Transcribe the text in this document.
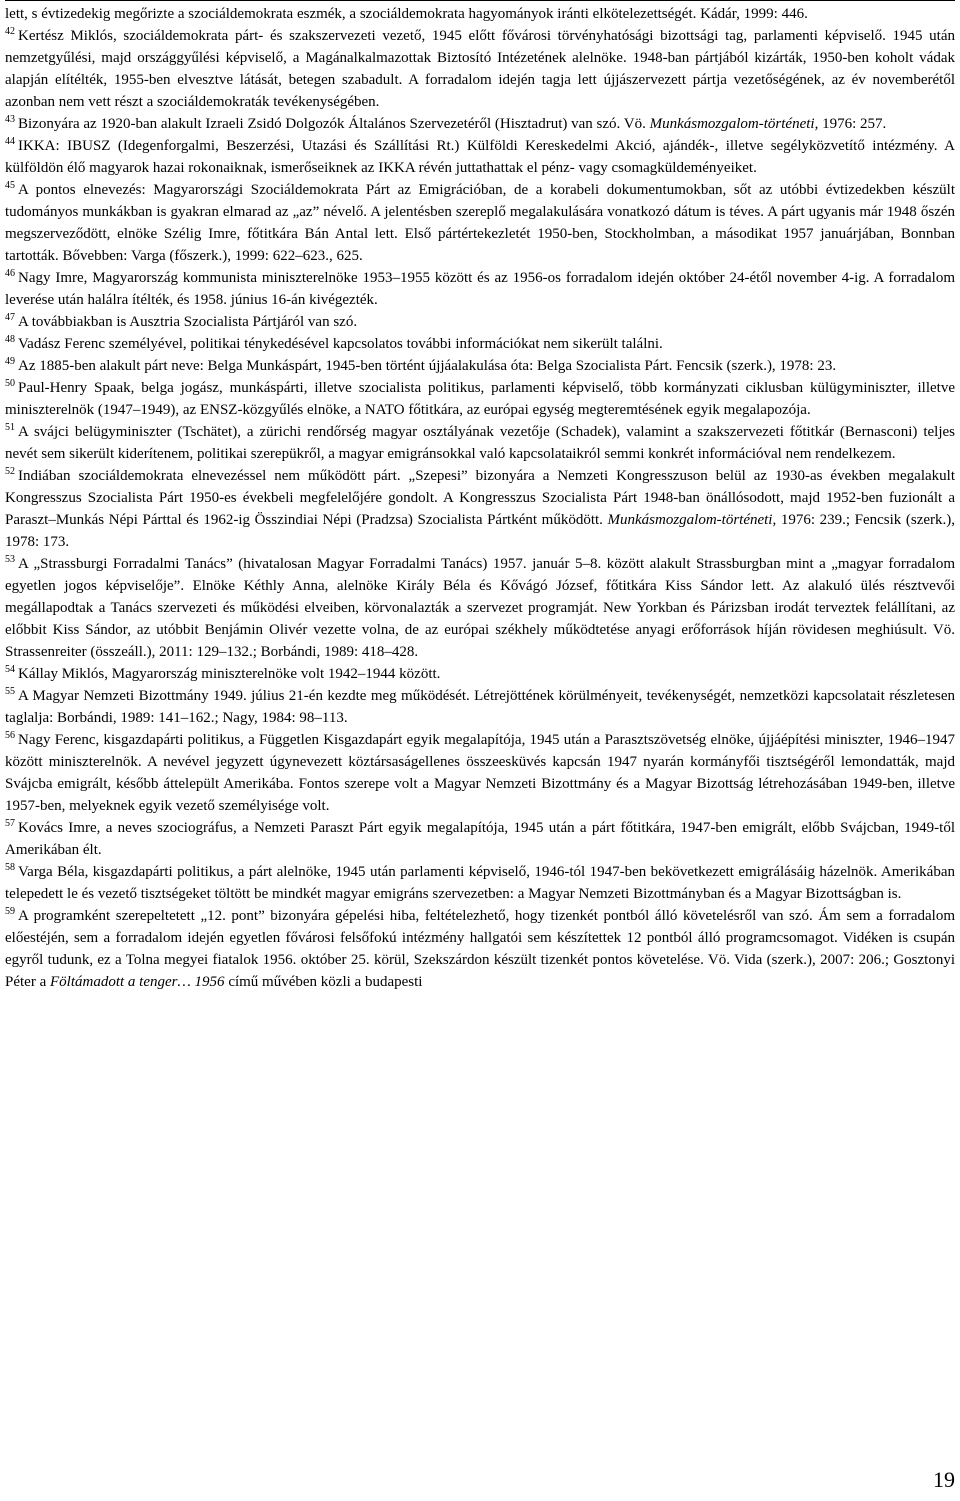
lett, s évtizedekig megőrizte a szociáldemokrata eszmék, a szociáldemokrata hagyományok iránti elkötelezettségét. Kádár, 1999: 446.

$^{42}$ Kertész Miklós, szociáldemokrata párt- és szakszervezeti vezető, 1945 előtt fővárosi törvényhatósági bizottsági tag, parlamenti képviselő. 1945 után nemzetgyűlési, majd országgyűlési képviselő, a Magánalkalmazottak Biztosító Intézetének alelnöke. 1948-ban pártjából kizárták, 1950-ben koholt vádak alapján elítélték, 1955-ben elvesztve látását, betegen szabadult. A forradalom idején tagja lett újjászervezett pártja vezetőségének, az év novemberétől azonban nem vett részt a szociáldemokraták tevékenységében.

$^{43}$ Bizonyára az 1920-ban alakult Izraeli Zsidó Dolgozók Általános Szervezetéről (Hisztadrut) van szó. Vö. Munkásmozgalom-történeti, 1976: 257.

$^{44}$ IKKA: IBUSZ (Idegenforgalmi, Beszerzési, Utazási és Szállítási Rt.) Külföldi Kereskedelmi Akció, ajándék-, illetve segélyközvetítő intézmény. A külföldön élő magyarok hazai rokonaiknak, ismerőseiknek az IKKA révén juttathattak el pénz- vagy csomagküldeményeiket.

$^{45}$ A pontos elnevezés: Magyarországi Szociáldemokrata Párt az Emigrációban, de a korabeli dokumentumokban, sőt az utóbbi évtizedekben készült tudományos munkákban is gyakran elmarad az „az” névelő. A jelentésben szereplő megalakulására vonatkozó dátum is téves. A párt ugyanis már 1948 őszén megszerveződött, elnöke Szélig Imre, főtitkára Bán Antal lett. Első pártértekezletét 1950-ben, Stockholmban, a másodikat 1957 januárjában, Bonnban tartották. Bővebben: Varga (főszerk.), 1999: 622–623., 625.

$^{46}$ Nagy Imre, Magyarország kommunista miniszterelnöke 1953–1955 között és az 1956-os forradalom idején október 24-étől november 4-ig. A forradalom leverése után halálra ítélték, és 1958. június 16-án kivégezték.

$^{47}$ A továbbiakban is Ausztria Szocialista Pártjáról van szó.

$^{48}$ Vadász Ferenc személyével, politikai ténykedésével kapcsolatos további információkat nem sikerült találni.

$^{49}$ Az 1885-ben alakult párt neve: Belga Munkáspárt, 1945-ben történt újjáalakulása óta: Belga Szocialista Párt. Fencsik (szerk.), 1978: 23.

$^{50}$ Paul-Henry Spaak, belga jogász, munkáspárti, illetve szocialista politikus, parlamenti képviselő, több kormányzati ciklusban külügyminiszter, illetve miniszterelnök (1947–1949), az ENSZ-közgyűlés elnöke, a NATO főtitkára, az európai egység megteremtésének egyik megalapozója.

$^{51}$ A svájci belügyminiszter (Tschätet), a zürichi rendőrség magyar osztályának vezetője (Schadek), valamint a szakszervezeti főtitkár (Bernasconi) teljes nevét sem sikerült kiderítenem, politikai szerepükről, a magyar emigránsokkal való kapcsolataikról semmi konkrét információval nem rendelkezem.

$^{52}$ Indiában szociáldemokrata elnevezéssel nem működött párt. „Szepesi” bizonyára a Nemzeti Kongresszuson belül az 1930-as években megalakult Kongresszus Szocialista Párt 1950-es évekbeli megfelelőjére gondolt. A Kongresszus Szocialista Párt 1948-ban önállósodott, majd 1952-ben fuzionált a Paraszt–Munkás Népi Párttal és 1962-ig Összindiai Népi (Pradzsa) Szocialista Pártként működött. Munkásmozgalom-történeti, 1976: 239.; Fencsik (szerk.), 1978: 173.

$^{53}$ A „Strassburgi Forradalmi Tanács” (hivatalosan Magyar Forradalmi Tanács) 1957. január 5–8. között alakult Strassburgban mint a „magyar forradalom egyetlen jogos képviselője”. Elnöke Kéthly Anna, alelnöke Király Béla és Kővágó József, főtitkára Kiss Sándor lett. Az alakuló ülés résztvevői megállapodtak a Tanács szervezeti és működési elveiben, körvonalazták a szervezet programját. New Yorkban és Párizsban irodát terveztek felállítani, az előbbit Kiss Sándor, az utóbbit Benjámin Olivér vezette volna, de az európai székhely működtetése anyagi erőforrások híján rövidesen meghiúsult. Vö. Strassenreiter (összeáll.), 2011: 129–132.; Borbándi, 1989: 418–428.

$^{54}$ Kállay Miklós, Magyarország miniszterelnöke volt 1942–1944 között.

$^{55}$ A Magyar Nemzeti Bizottmány 1949. július 21-én kezdte meg működését. Létrejöttének körülményeit, tevékenységét, nemzetközi kapcsolatait részletesen taglalja: Borbándi, 1989: 141–162.; Nagy, 1984: 98–113.

$^{56}$ Nagy Ferenc, kisgazdapárti politikus, a Független Kisgazdapárt egyik megalapítója, 1945 után a Parasztszövetség elnöke, újjáépítési miniszter, 1946–1947 között miniszterelnök. A nevével jegyzett úgynevezett köztársaságellenes összeesküvés kapcsán 1947 nyarán kormányfői tisztségéről lemondatták, majd Svájcba emigrált, később áttelepült Amerikába. Fontos szerepe volt a Magyar Nemzeti Bizottmány és a Magyar Bizottság létrehozásában 1949-ben, illetve 1957-ben, melyeknek egyik vezető személyisége volt.

$^{57}$ Kovács Imre, a neves szociográfus, a Nemzeti Paraszt Párt egyik megalapítója, 1945 után a párt főtitkára, 1947-ben emigrált, előbb Svájcban, 1949-től Amerikában élt.

$^{58}$ Varga Béla, kisgazdapárti politikus, a párt alelnöke, 1945 után parlamenti képviselő, 1946-tól 1947-ben bekövetkezett emigrálásáig házelnök. Amerikában telepedett le és vezető tisztségeket töltött be mindkét magyar emigráns szervezetben: a Magyar Nemzeti Bizottmányban és a Magyar Bizottságban is.

$^{59}$ A programként szerepeltetett „12. pont” bizonyára gépelési hiba, feltételezhető, hogy tizenkét pontból álló követelésről van szó. Ám sem a forradalom előestéjén, sem a forradalom idején egyetlen fővárosi felsőfokú intézmény hallgatói sem készítettek 12 pontból álló programcsomagot. Vidéken is csupán egyről tudunk, ez a Tolna megyei fiatalok 1956. október 25. körül, Szekszárdon készült tizenkét pontos követelése. Vö. Vida (szerk.), 2007: 206.; Gosztonyi Péter a Föltámadott a tenger… 1956 című művében közli a budapesti

19
